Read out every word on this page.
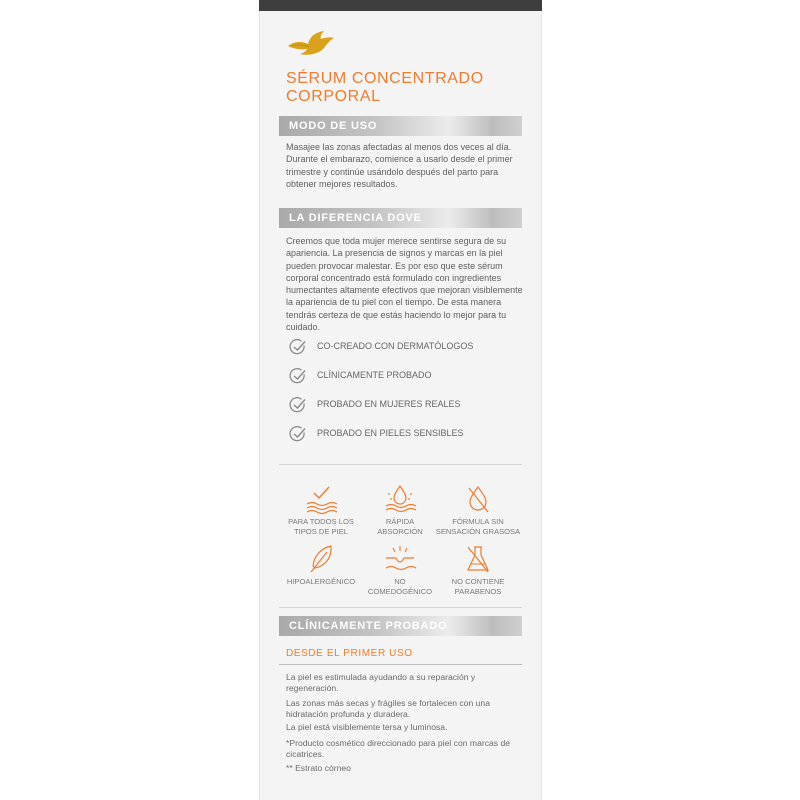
SÉRUM CONCENTRADO
CORPORAL
MODO DE USO
Masajee las zonas afectadas al menos dos veces al día. Durante el embarazo, comience a usarlo desde el primer trimestre y continúe usándolo después del parto para obtener mejores resultados.
LA DIFERENCIA DOVE
Creemos que toda mujer merece sentirse segura de su apariencia. La presencia de signos y marcas en la piel pueden provocar malestar. Es por eso que este sérum corporal concentrado está formulado con ingredientes humectantes altamente efectivos que mejoran visiblemente la apariencia de tu piel con el tiempo. De esta manera tendrás certeza de que estás haciendo lo mejor para tu cuidado.
CO-CREADO CON DERMATÓLOGOS
CLÍNICAMENTE PROBADO
PROBADO EN MUJERES REALES
PROBADO EN PIELES SENSIBLES
PARA TODOS LOS
TIPOS DE PIEL
RÁPIDA
ABSORCIÓN
FÓRMULA SIN
SENSACIÓN GRASOSA
HIPOALERGÉNICO	NO
COMEDOGÉNICO
NO CONTIENE
PARABENOS
CLÍNICAMENTE PROBADO
DESDE EL PRIMER USO
La piel es estimulada ayudando a su reparación y regeneración.
Las zonas más secas y frágiles se fortalecen con una hidratación profunda y duradera.
La piel está visiblemente tersa y luminosa.
*Producto cosmético direccionado para piel con marcas de cicatrices.
** Estrato córneo
